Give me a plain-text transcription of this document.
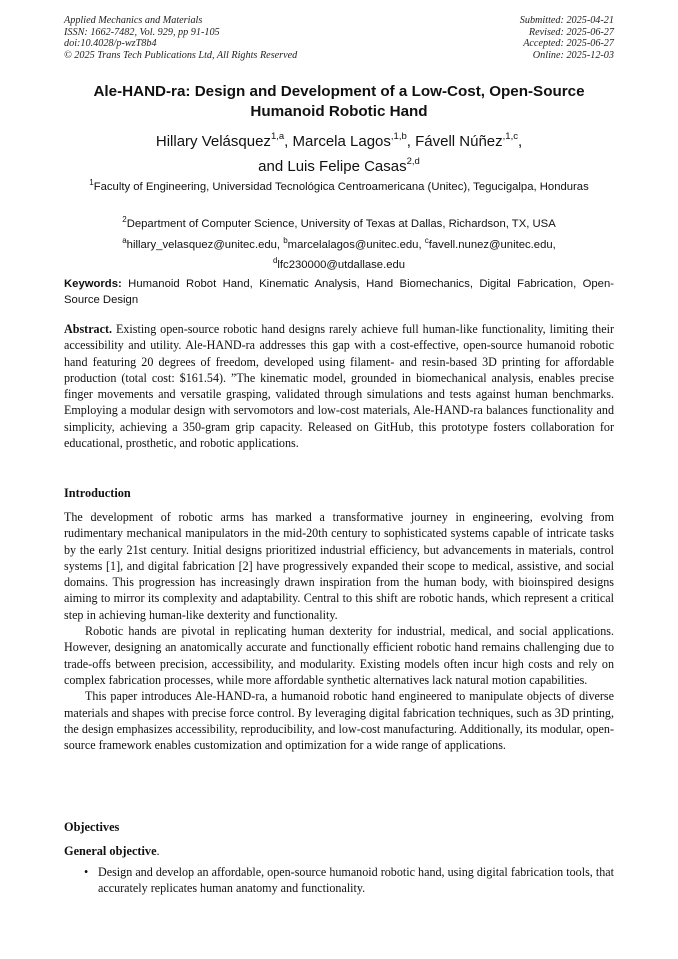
Applied Mechanics and Materials
ISSN: 1662-7482, Vol. 929, pp 91-105
doi:10.4028/p-wzT8b4
© 2025 Trans Tech Publications Ltd, All Rights Reserved
Submitted: 2025-04-21
Revised: 2025-06-27
Accepted: 2025-06-27
Online: 2025-12-03
Ale-HAND-ra: Design and Development of a Low-Cost, Open-Source Humanoid Robotic Hand
Hillary Velásquez$^{1,a}$, Marcela Lagos$^{,1,b}$, Fávell Núñez$^{,1,c}$,
and Luis Felipe Casas$^{2,d}$
$^1$Faculty of Engineering, Universidad Tecnológica Centroamericana (Unitec), Tegucigalpa, Honduras
$^2$Department of Computer Science, University of Texas at Dallas, Richardson, TX, USA
$^a$hillary_velasquez@unitec.edu, $^b$marcelalagos@unitec.edu, $^c$favell.nunez@unitec.edu,
$^d$lfc230000@utdallase.edu
Keywords: Humanoid Robot Hand, Kinematic Analysis, Hand Biomechanics, Digital Fabrication, Open-Source Design
Abstract. Existing open-source robotic hand designs rarely achieve full human-like functionality, limiting their accessibility and utility. Ale-HAND-ra addresses this gap with a cost-effective, open-source humanoid robotic hand featuring 20 degrees of freedom, developed using filament- and resin-based 3D printing for affordable production (total cost: $161.54). ”The kinematic model, grounded in biomechanical analysis, enables precise finger movements and versatile grasping, validated through simulations and tests against human benchmarks. Employing a modular design with servomotors and low-cost materials, Ale-HAND-ra balances functionality and simplicity, achieving a 350-gram grip capacity. Released on GitHub, this prototype fosters collaboration for educational, prosthetic, and robotic applications.
Introduction

The development of robotic arms has marked a transformative journey in engineering, evolving from rudimentary mechanical manipulators in the mid-20th century to sophisticated systems capable of intricate tasks by the early 21st century. Initial designs prioritized industrial efficiency, but advancements in materials, control systems [1], and digital fabrication [2] have progressively expanded their scope to medical, assistive, and social domains. This progression has increasingly drawn inspiration from the human body, with bioinspired designs aiming to mirror its complexity and adaptability. Central to this shift are robotic hands, which represent a critical step in achieving human-like dexterity and functionality.

Robotic hands are pivotal in replicating human dexterity for industrial, medical, and social applications. However, designing an anatomically accurate and functionally efficient robotic hand remains challenging due to trade-offs between precision, accessibility, and modularity. Existing models often incur high costs and rely on complex fabrication processes, while more affordable synthetic alternatives lack natural motion capabilities.

This paper introduces Ale-HAND-ra, a humanoid robotic hand engineered to manipulate objects of diverse materials and shapes with precise force control. By leveraging digital fabrication techniques, such as 3D printing, the design emphasizes accessibility, reproducibility, and low-cost manufacturing. Additionally, its modular, open-source framework enables customization and optimization for a wide range of applications.

Objectives
General objective.
• Design and develop an affordable, open-source humanoid robotic hand, using digital fabrication tools, that accurately replicates human anatomy and functionality.
